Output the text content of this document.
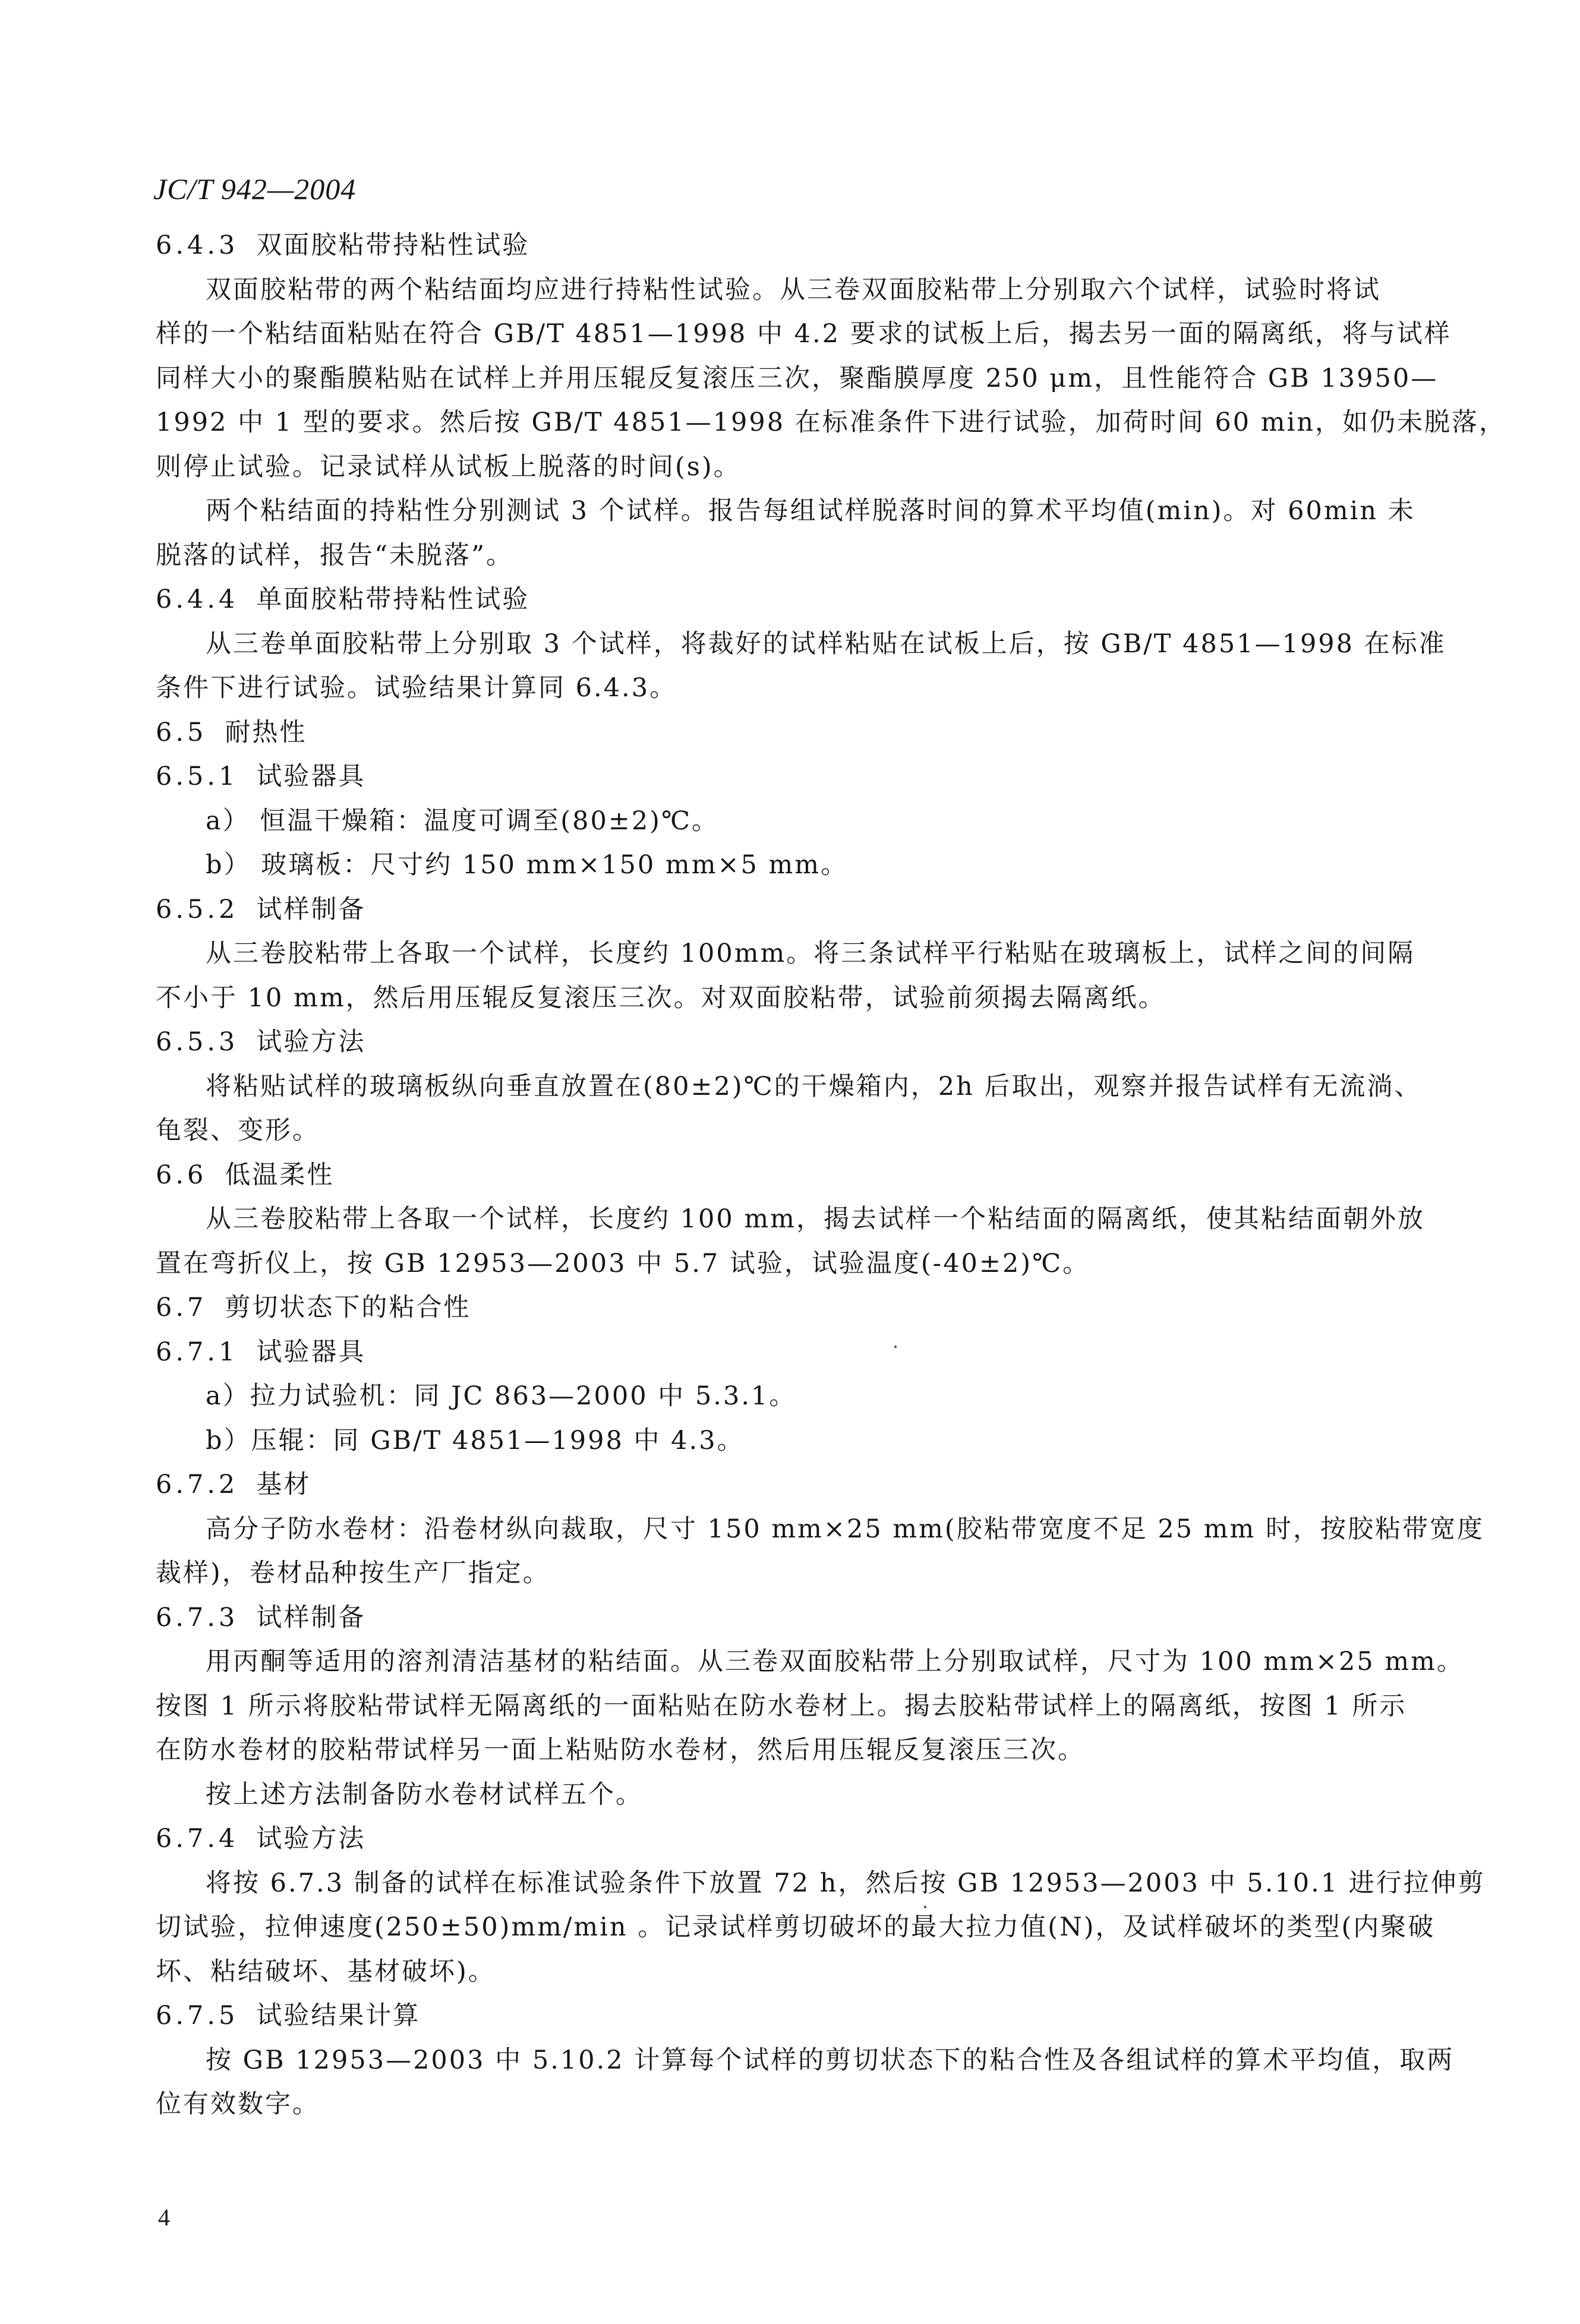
JC/T 942—2004
6.4.3 双面胶粘带持粘性试验
双面胶粘带的两个粘结面均应进行持粘性试验。从三卷双面胶粘带上分别取六个试样，试验时将试
样的一个粘结面粘贴在符合 GB/T 4851—1998 中 4.2 要求的试板上后，揭去另一面的隔离纸，将与试样
同样大小的聚酯膜粘贴在试样上并用压辊反复滚压三次，聚酯膜厚度 250 μm，且性能符合 GB 13950—
1992 中 1 型的要求。然后按 GB/T 4851—1998 在标准条件下进行试验，加荷时间 60 min，如仍未脱落，
则停止试验。记录试样从试板上脱落的时间(s)。
两个粘结面的持粘性分别测试 3 个试样。报告每组试样脱落时间的算术平均值(min)。对 60min 未
脱落的试样，报告“未脱落”。
6.4.4 单面胶粘带持粘性试验
从三卷单面胶粘带上分别取 3 个试样，将裁好的试样粘贴在试板上后，按 GB/T 4851—1998 在标准
条件下进行试验。试验结果计算同 6.4.3。
6.5 耐热性
6.5.1 试验器具
a） 恒温干燥箱：温度可调至(80±2)℃。
b） 玻璃板：尺寸约 150 mm×150 mm×5 mm。
6.5.2 试样制备
从三卷胶粘带上各取一个试样，长度约 100mm。将三条试样平行粘贴在玻璃板上，试样之间的间隔
不小于 10 mm，然后用压辊反复滚压三次。对双面胶粘带，试验前须揭去隔离纸。
6.5.3 试验方法
将粘贴试样的玻璃板纵向垂直放置在(80±2)℃的干燥箱内，2h 后取出，观察并报告试样有无流淌、
龟裂、变形。
6.6 低温柔性
从三卷胶粘带上各取一个试样，长度约 100 mm，揭去试样一个粘结面的隔离纸，使其粘结面朝外放
置在弯折仪上，按 GB 12953—2003 中 5.7 试验，试验温度(-40±2)℃。
6.7 剪切状态下的粘合性
6.7.1 试验器具
a）拉力试验机：同 JC 863—2000 中 5.3.1。
b）压辊：同 GB/T 4851—1998 中 4.3。
6.7.2 基材
高分子防水卷材：沿卷材纵向裁取，尺寸 150 mm×25 mm(胶粘带宽度不足 25 mm 时，按胶粘带宽度
裁样)，卷材品种按生产厂指定。
6.7.3 试样制备
用丙酮等适用的溶剂清洁基材的粘结面。从三卷双面胶粘带上分别取试样，尺寸为 100 mm×25 mm。
按图 1 所示将胶粘带试样无隔离纸的一面粘贴在防水卷材上。揭去胶粘带试样上的隔离纸，按图 1 所示
在防水卷材的胶粘带试样另一面上粘贴防水卷材，然后用压辊反复滚压三次。
按上述方法制备防水卷材试样五个。
6.7.4 试验方法
将按 6.7.3 制备的试样在标准试验条件下放置 72 h，然后按 GB 12953—2003 中 5.10.1 进行拉伸剪
切试验，拉伸速度(250±50)mm/min 。记录试样剪切破坏的最大拉力值(N)，及试样破坏的类型(内聚破
坏、粘结破坏、基材破坏)。
6.7.5 试验结果计算
按 GB 12953—2003 中 5.10.2 计算每个试样的剪切状态下的粘合性及各组试样的算术平均值，取两
位有效数字。
4
